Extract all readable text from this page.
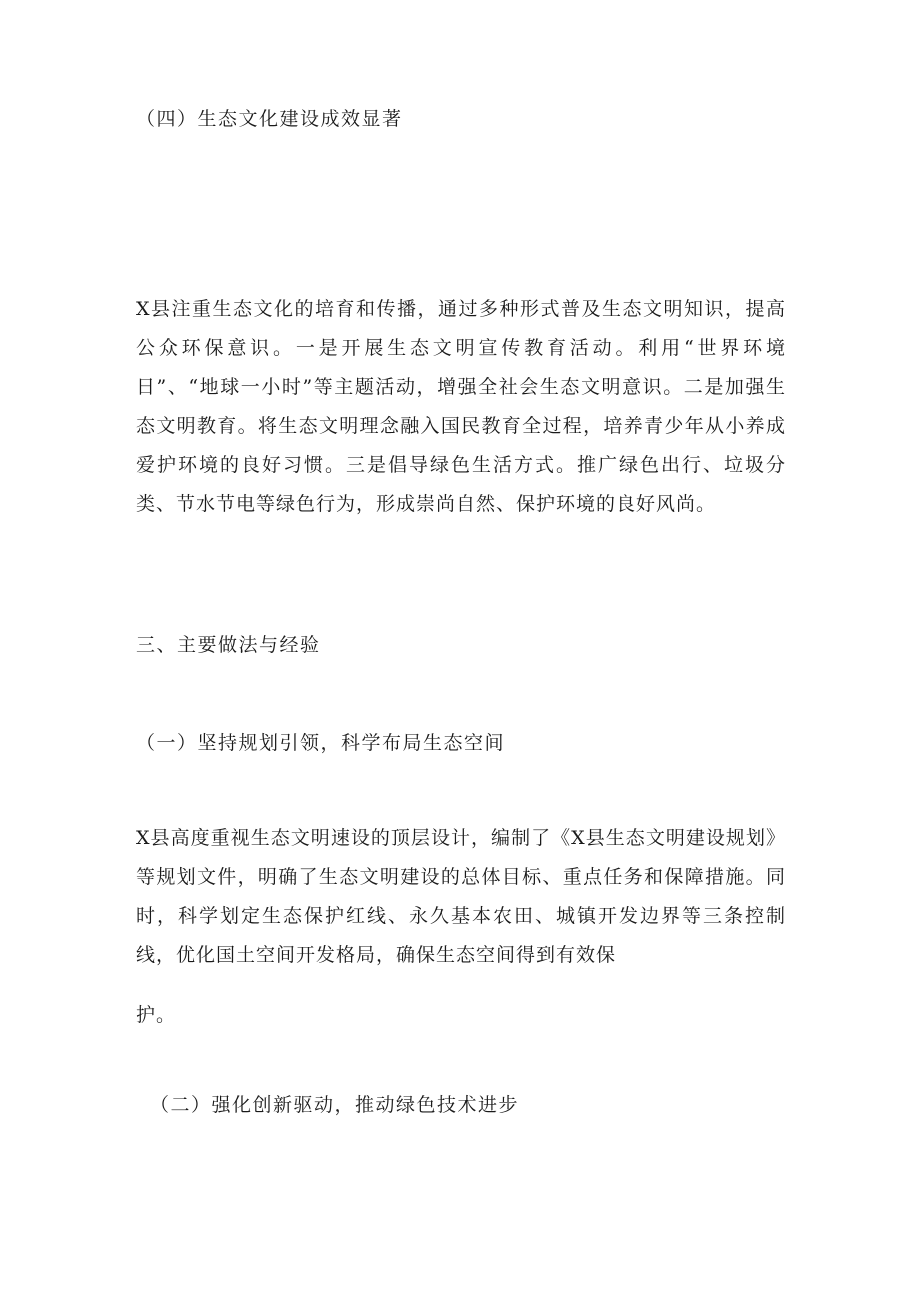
（四）生态文化建设成效显著

X县注重生态文化的培育和传播，通过多种形式普及生态文明知识，提高公众环保意识。一是开展生态文明宣传教育活动。利用“世界环境日”、“地球一小时”等主题活动，增强全社会生态文明意识。二是加强生态文明教育。将生态文明理念融入国民教育全过程，培养青少年从小养成爱护环境的良好习惯。三是倡导绿色生活方式。推广绿色出行、垃圾分类、节水节电等绿色行为，形成崇尚自然、保护环境的良好风尚。

三、主要做法与经验
（一）坚持规划引领，科学布局生态空间

X县高度重视生态文明速设的顶层设计，编制了《X县生态文明建设规划》等规划文件，明确了生态文明建设的总体目标、重点任务和保障措施。同时，科学划定生态保护红线、永久基本农田、城镇开发边界等三条控制线，优化国土空间开发格局，确保生态空间得到有效保

护。

（二）强化创新驱动，推动绿色技术进步
